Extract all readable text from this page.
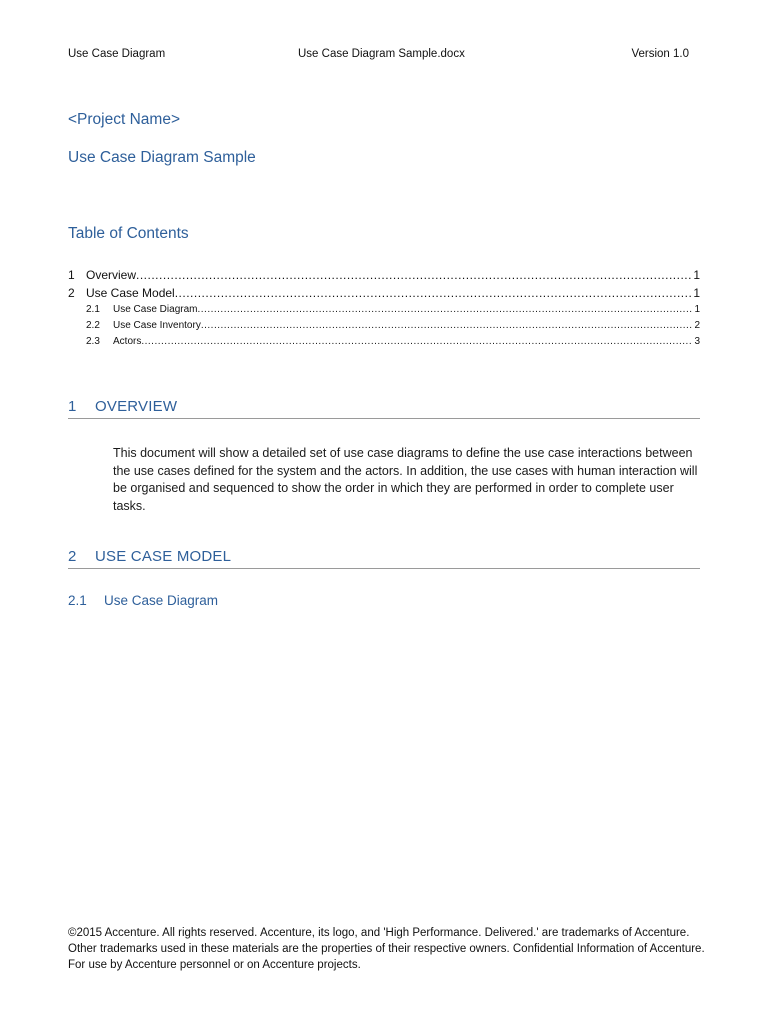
Use Case Diagram	Use Case Diagram Sample.docx	Version 1.0
<Project Name>
Use Case Diagram Sample
Table of Contents
1 Overview .....	1
2 Use Case Model .....	1
2.1	Use Case Diagram .....	1
2.2	Use Case Inventory .....	2
2.3	Actors .....	3
1 OVERVIEW
This document will show a detailed set of use case diagrams to define the use case interactions between the use cases defined for the system and the actors. In addition, the use cases with human interaction will be organised and sequenced to show the order in which they are performed in order to complete user tasks.
2 USE CASE MODEL
2.1 Use Case Diagram
©2015 Accenture. All rights reserved. Accenture, its logo, and 'High Performance. Delivered.' are trademarks of Accenture. Other trademarks used in these materials are the properties of their respective owners. Confidential Information of Accenture. For use by Accenture personnel or on Accenture projects.
